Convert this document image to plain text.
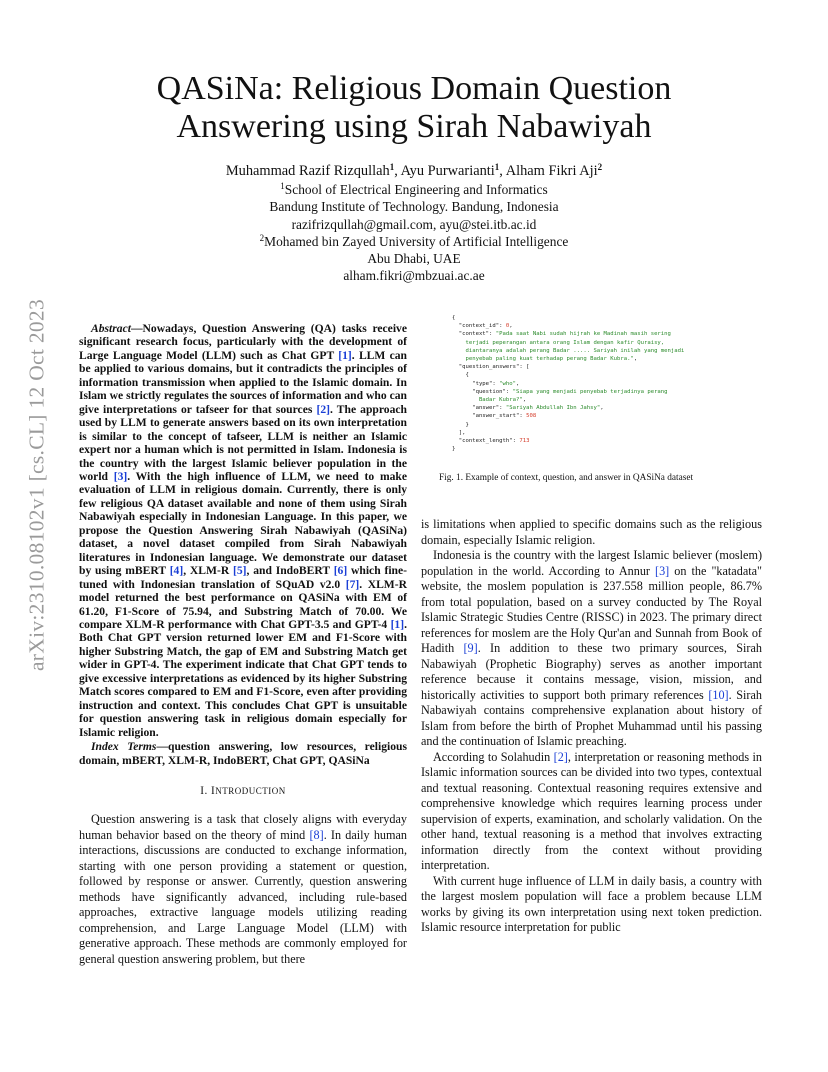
arXiv:2310.08102v1 [cs.CL] 12 Oct 2023
QASiNa: Religious Domain Question Answering using Sirah Nabawiyah
Muhammad Razif Rizqullah$^1$, Ayu Purwarianti$^1$, Alham Fikri Aji$^2$
$^1$School of Electrical Engineering and Informatics
Bandung Institute of Technology. Bandung, Indonesia
razifrizqullah@gmail.com, ayu@stei.itb.ac.id
$^2$Mohamed bin Zayed University of Artificial Intelligence
Abu Dhabi, UAE
alham.fikri@mbzuai.ac.ae

Abstract—Nowadays, Question Answering (QA) tasks receive significant research focus, particularly with the development of Large Language Model (LLM) such as Chat GPT [1]. LLM can be applied to various domains, but it contradicts the principles of information transmission when applied to the Islamic domain. In Islam we strictly regulates the sources of information and who can give interpretations or tafseer for that sources [2]. The approach used by LLM to generate answers based on its own interpretation is similar to the concept of tafseer, LLM is neither an Islamic expert nor a human which is not permitted in Islam. Indonesia is the country with the largest Islamic believer population in the world [3]. With the high influence of LLM, we need to make evaluation of LLM in religious domain. Currently, there is only few religious QA dataset available and none of them using Sirah Nabawiyah especially in Indonesian Language. In this paper, we propose the Question Answering Sirah Nabawiyah (QASiNa) dataset, a novel dataset compiled from Sirah Nabawiyah literatures in Indonesian language. We demonstrate our dataset by using mBERT [4], XLM-R [5], and IndoBERT [6] which fine-tuned with Indonesian translation of SQuAD v2.0 [7]. XLM-R model returned the best performance on QASiNa with EM of 61.20, F1-Score of 75.94, and Substring Match of 70.00. We compare XLM-R performance with Chat GPT-3.5 and GPT-4 [1]. Both Chat GPT version returned lower EM and F1-Score with higher Substring Match, the gap of EM and Substring Match get wider in GPT-4. The experiment indicate that Chat GPT tends to give excessive interpretations as evidenced by its higher Substring Match scores compared to EM and F1-Score, even after providing instruction and context. This concludes Chat GPT is unsuitable for question answering task in religious domain especially for Islamic religion.

Index Terms—question answering, low resources, religious domain, mBERT, XLM-R, IndoBERT, Chat GPT, QASiNa

I. INTRODUCTION

Question answering is a task that closely aligns with everyday human behavior based on the theory of mind [8]. In daily human interactions, discussions are conducted to exchange information, starting with one person providing a statement or question, followed by response or answer. Currently, question answering methods have significantly advanced, including rule-based approaches, extractive language models utilizing reading comprehension, and Large Language Model (LLM) with generative approach. These methods are commonly employed for general question answering problem, but there

{
"context_id": 0,
"context": "Pada saat Nabi sudah hijrah ke Madinah masih sering
terjadi peperangan antara orang Islam dengan kafir Quraisy,
diantaranya adalah perang Badar ..... Sariyah inilah yang menjadi
penyebab paling kuat terhadap perang Badar Kubra.",
"question_answers": [
{
"type": "who",
"question": "Siapa yang menjadi penyebab terjadinya perang
Badar Kubra?",
"answer": "Sariyah Abdullah Ibn Jahsy",
"answer_start": 508
}
],
"context_length": 713
}
Fig. 1. Example of context, question, and answer in QASiNa dataset

is limitations when applied to specific domains such as the religious domain, especially Islamic religion.

Indonesia is the country with the largest Islamic believer (moslem) population in the world. According to Annur [3] on the "katadata" website, the moslem population is 237.558 million people, 86.7% from total population, based on a survey conducted by The Royal Islamic Strategic Studies Centre (RISSC) in 2023. The primary direct references for moslem are the Holy Qur'an and Sunnah from Book of Hadith [9]. In addition to these two primary sources, Sirah Nabawiyah (Prophetic Biography) serves as another important reference because it contains message, vision, mission, and historically activities to support both primary references [10]. Sirah Nabawiyah contains comprehensive explanation about history of Islam from before the birth of Prophet Muhammad until his passing and the continuation of Islamic preaching.

According to Solahudin [2], interpretation or reasoning methods in Islamic information sources can be divided into two types, contextual and textual reasoning. Contextual reasoning requires extensive and comprehensive knowledge which requires learning process under supervision of experts, examination, and scholarly validation. On the other hand, textual reasoning is a method that involves extracting information directly from the context without providing interpretation.

With current huge influence of LLM in daily basis, a country with the largest moslem population will face a problem because LLM works by giving its own interpretation using next token prediction. Islamic resource interpretation for public
